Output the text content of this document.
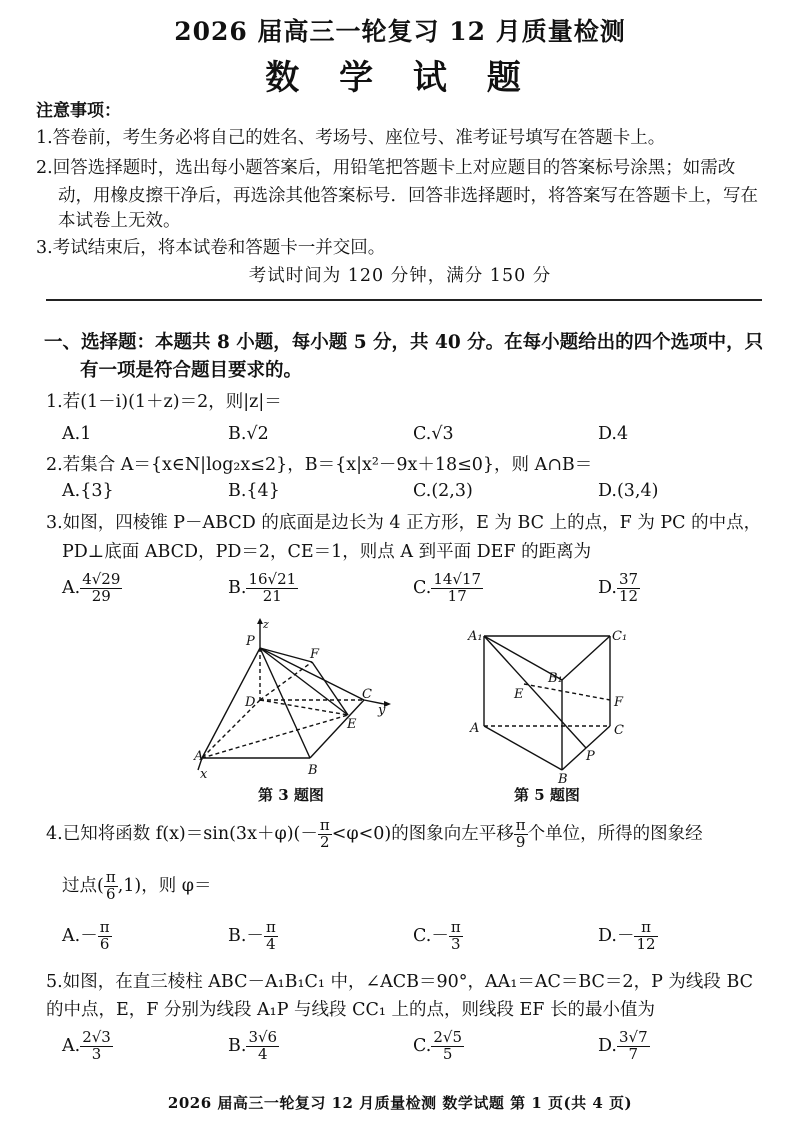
2026 届高三一轮复习 12 月质量检测
数 学 试 题
注意事项：
1.答卷前，考生务必将自己的姓名、考场号、座位号、准考证号填写在答题卡上。
2.回答选择题时，选出每小题答案后，用铅笔把答题卡上对应题目的答案标号涂黑；如需改
动，用橡皮擦干净后，再选涂其他答案标号．回答非选择题时，将答案写在答题卡上，写在
本试卷上无效。
3.考试结束后，将本试卷和答题卡一并交回。
考试时间为 120 分钟，满分 150 分
一、选择题：本题共 8 小题，每小题 5 分，共 40 分。在每小题给出的四个选项中，只
有一项是符合题目要求的。
1.若(1－i)(1＋z)＝2，则|z|＝
A.1	B.√2	C.√3	D.4
2.若集合 A＝{x∈N|log₂x≤2}，B＝{x|x²－9x＋18≤0}，则 A∩B＝
A.{3}	B.{4}	C.(2,3)	D.(3,4)
3.如图，四棱锥 P－ABCD 的底面是边长为 4 正方形，E 为 BC 上的点，F 为 PC 的中点，
PD⊥底面 ABCD，PD＝2，CE＝1，则点 A 到平面 DEF 的距离为
A. $\frac{4√29}{29}$	B. $\frac{16√21}{21}$	C. $\frac{14√17}{17}$	D. $\frac{37}{12}$
P
z
F
D
C
y
E
A
x	B
第 3 题图
A₁	C₁
B₁
E
F
A	C
P
B
第 5 题图
4.已知将函数 $f(x)=\sin(3x+\varphi)(- \frac{\pi}{2} <\varphi<0)$的图象向左平移 $\frac{\pi}{9}$ 个单位，所得的图象经
过点( $\frac{\pi}{6} ,1$)，则 φ＝
$A.- \frac{\pi}{6}$	$B.- \frac{\pi}{4}$	$C.- \frac{\pi}{3}$	$D.- \frac{\pi}{12}$
5.如图，在直三棱柱 ABC－A₁B₁C₁ 中，∠ACB＝90°，AA₁＝AC＝BC＝2，P 为线段 BC
的中点，E，F 分别为线段 A₁P 与线段 CC₁ 上的点，则线段 EF 长的最小值为
A. $\frac{2√3}{3}$	B. $\frac{3√6}{4}$	C. $\frac{2√5}{5}$	D. $\frac{3√7}{7}$
2026 届高三一轮复习 12 月质量检测 数学试题 第 1 页(共 4 页)
